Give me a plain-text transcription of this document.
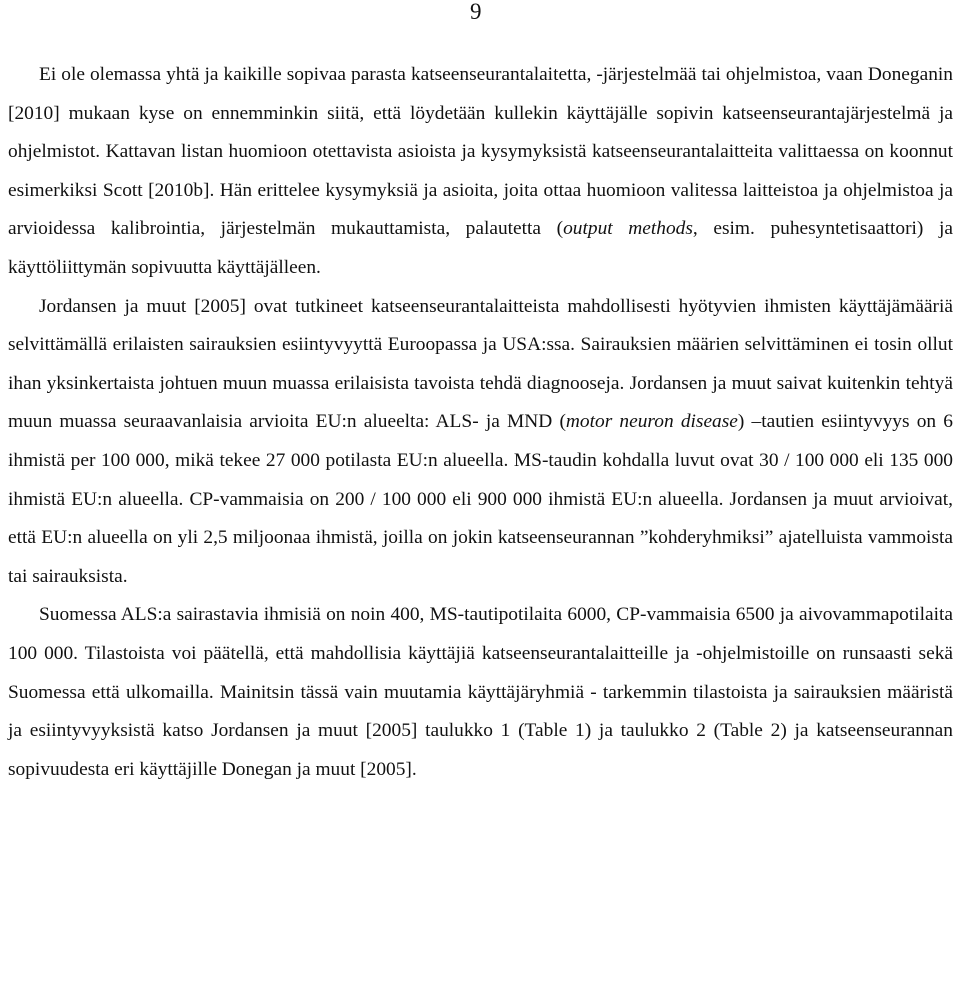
9

Ei ole olemassa yhtä ja kaikille sopivaa parasta katseenseurantalaitetta, -järjestelmää tai ohjelmistoa, vaan Doneganin [2010] mukaan kyse on ennemminkin siitä, että löydetään kullekin käyttäjälle sopivin katseenseurantajärjestelmä ja ohjelmistot. Kattavan listan huomioon otettavista asioista ja kysymyksistä katseenseurantalaitteita valittaessa on koonnut esimerkiksi Scott [2010b]. Hän erittelee kysymyksiä ja asioita, joita ottaa huomioon valitessa laitteistoa ja ohjelmistoa ja arvioidessa kalibrointia, järjestelmän mukauttamista, palautetta (output methods, esim. puhesyntetisaattori) ja käyttöliittymän sopivuutta käyttäjälleen.

Jordansen ja muut [2005] ovat tutkineet katseenseurantalaitteista mahdollisesti hyötyvien ihmisten käyttäjämääriä selvittämällä erilaisten sairauksien esiintyvyyttä Euroopassa ja USA:ssa. Sairauksien määrien selvittäminen ei tosin ollut ihan yksinkertaista johtuen muun muassa erilaisista tavoista tehdä diagnooseja. Jordansen ja muut saivat kuitenkin tehtyä muun muassa seuraavanlaisia arvioita EU:n alueelta: ALS- ja MND (motor neuron disease) –tautien esiintyvyys on 6 ihmistä per 100 000, mikä tekee 27 000 potilasta EU:n alueella. MS-taudin kohdalla luvut ovat 30 / 100 000 eli 135 000 ihmistä EU:n alueella. CP-vammaisia on 200 / 100 000 eli 900 000 ihmistä EU:n alueella. Jordansen ja muut arvioivat, että EU:n alueella on yli 2,5 miljoonaa ihmistä, joilla on jokin katseenseurannan ”kohderyhmiksi” ajatelluista vammoista tai sairauksista.

Suomessa ALS:a sairastavia ihmisiä on noin 400, MS-tautipotilaita 6000, CP-vammaisia 6500 ja aivovammapotilaita 100 000. Tilastoista voi päätellä, että mahdollisia käyttäjiä katseenseurantalaitteille ja -ohjelmistoille on runsaasti sekä Suomessa että ulkomailla. Mainitsin tässä vain muutamia käyttäjäryhmiä - tarkemmin tilastoista ja sairauksien määristä ja esiintyvyyksistä katso Jordansen ja muut [2005] taulukko 1 (Table 1) ja taulukko 2 (Table 2) ja katseenseurannan sopivuudesta eri käyttäjille Donegan ja muut [2005].
